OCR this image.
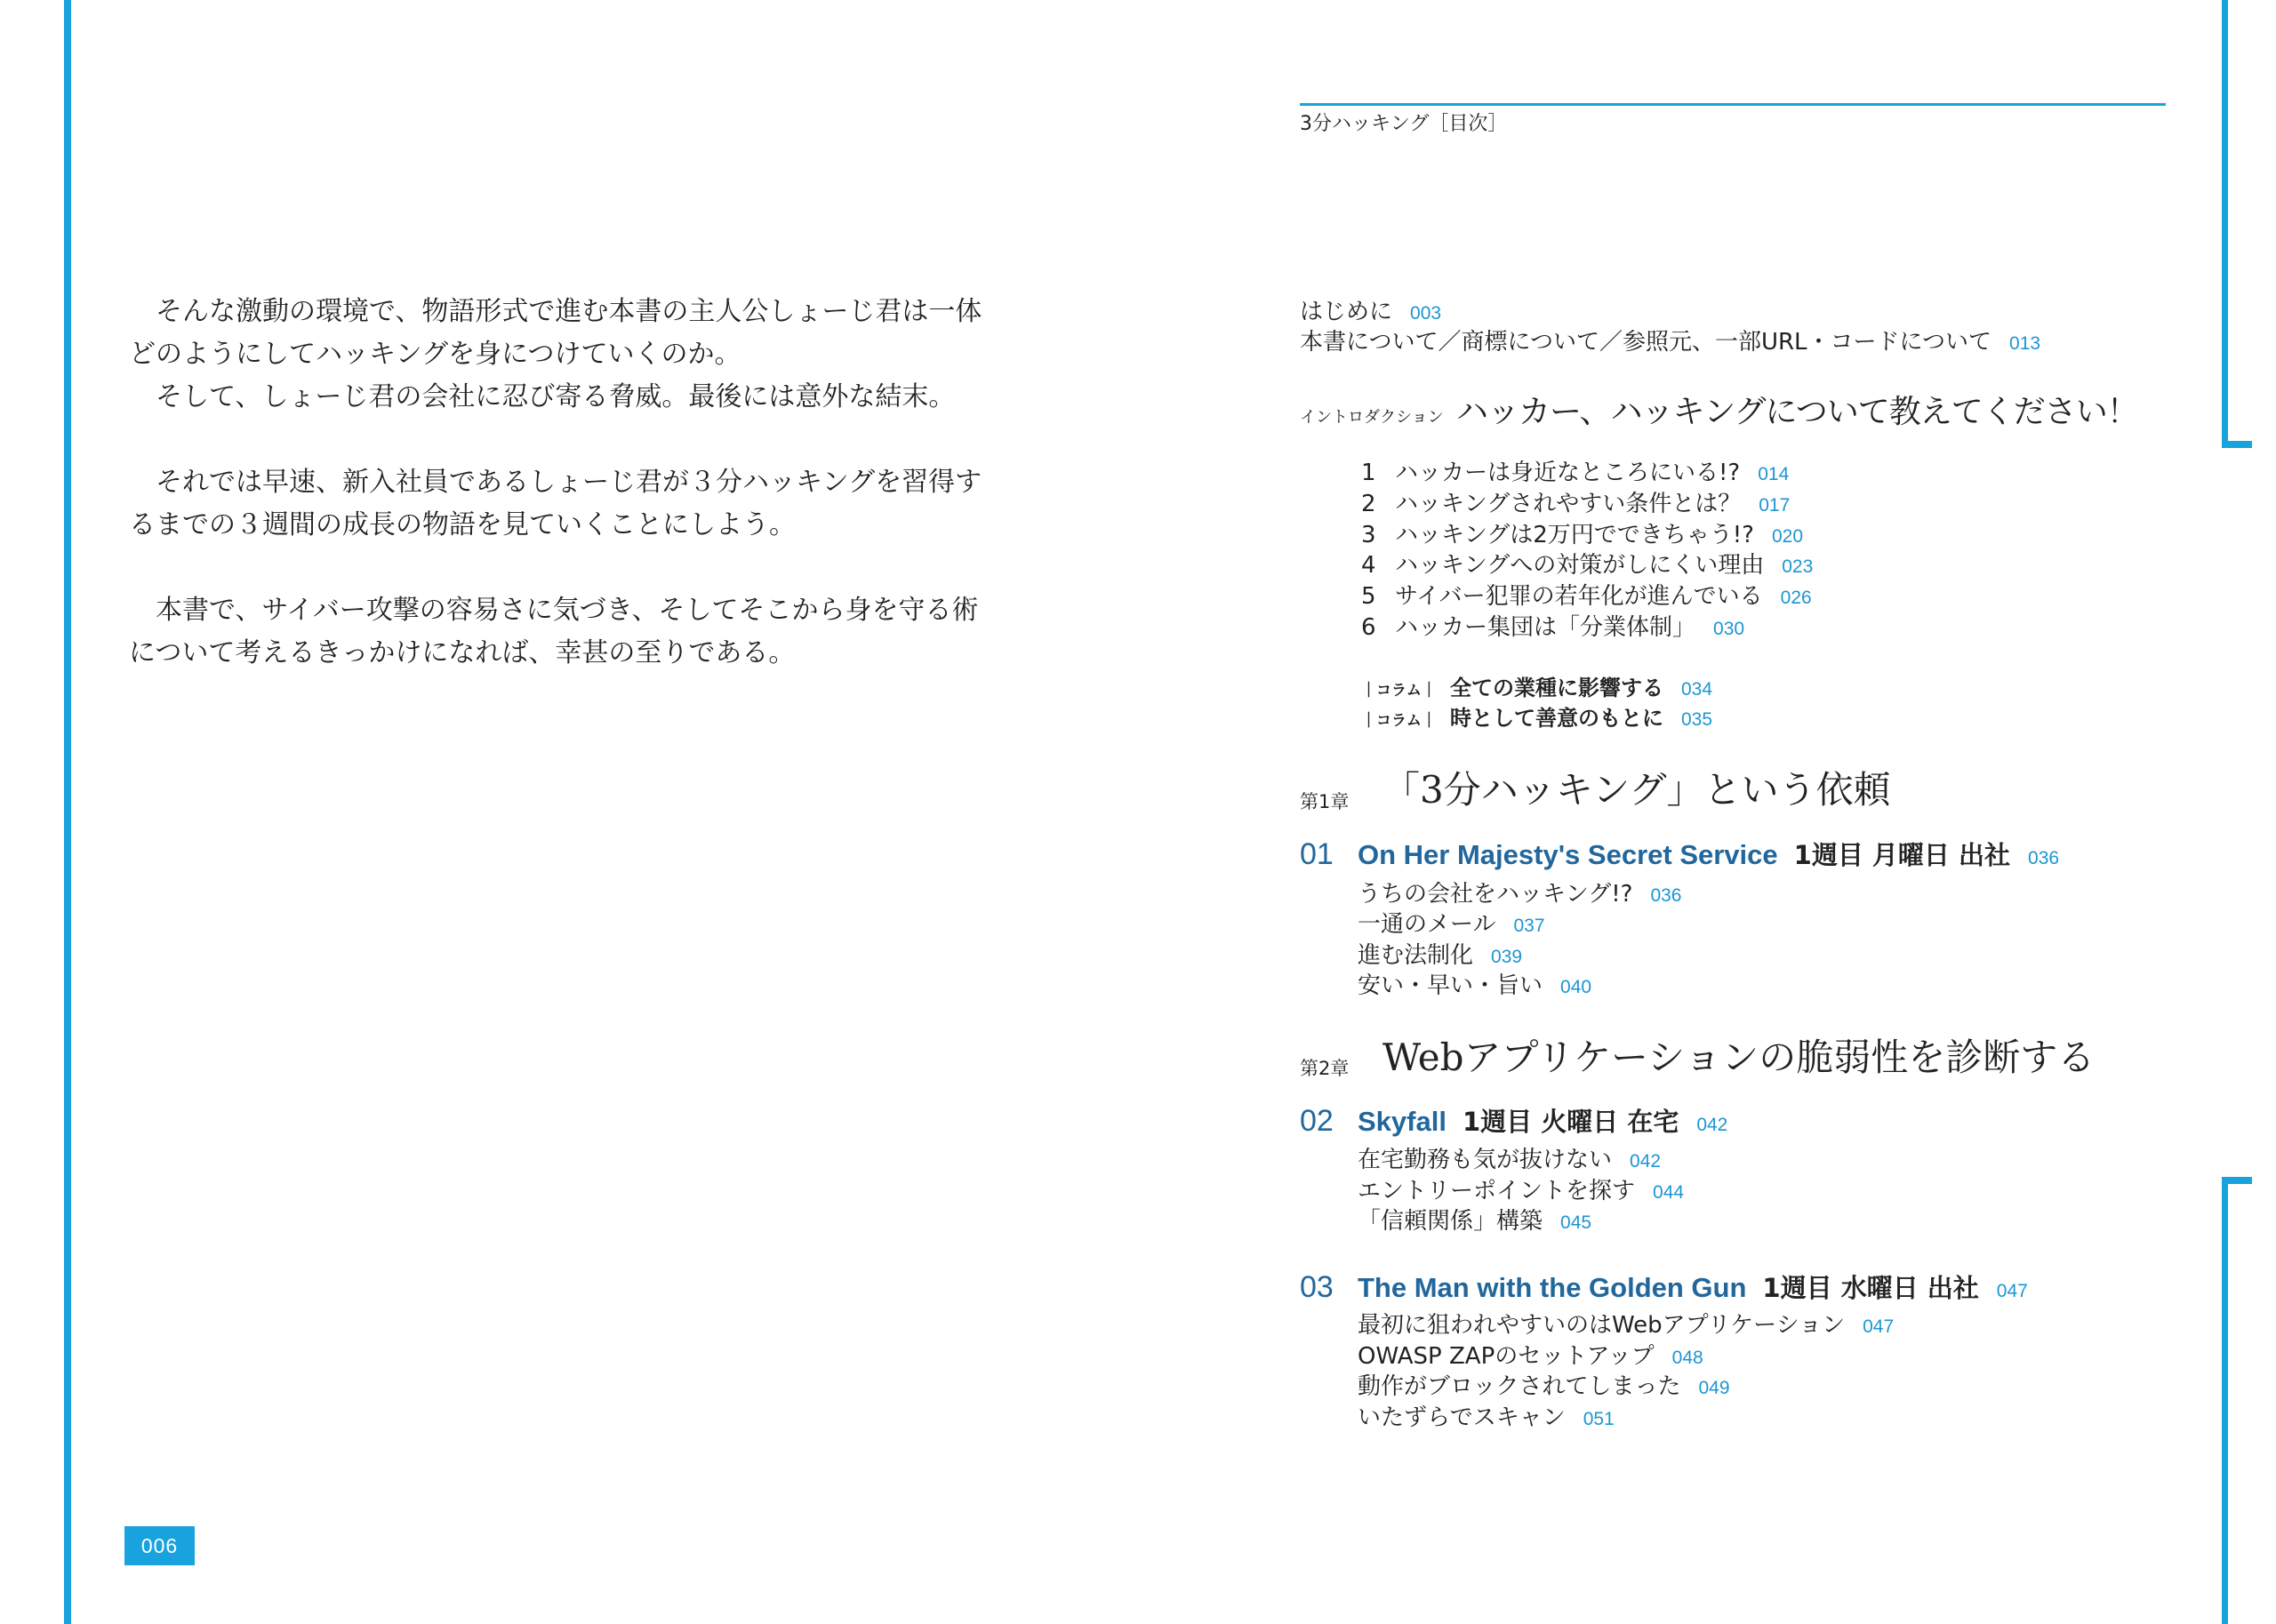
そんな激動の環境で、物語形式で進む本書の主人公しょーじ君は一体
どのようにしてハッキングを身につけていくのか。
そして、しょーじ君の会社に忍び寄る脅威。最後には意外な結末。
それでは早速、新入社員であるしょーじ君が３分ハッキングを習得す
るまでの３週間の成長の物語を見ていくことにしよう。
本書で、サイバー攻撃の容易さに気づき、そしてそこから身を守る術
について考えるきっかけになれば、幸甚の至りである。
006
3分ハッキング［目次］
はじめに 003
本書について／商標について／参照元、一部URL・コードについて 013
イントロダクション ハッカー、ハッキングについて教えてください！
1 ハッカーは身近なところにいる!? 014
2 ハッキングされやすい条件とは？ 017
3 ハッキングは2万円でできちゃう!? 020
4 ハッキングへの対策がしにくい理由 023
5 サイバー犯罪の若年化が進んでいる 026
6 ハッカー集団は「分業体制」 030
｜コラム｜ 全ての業種に影響する 034
｜コラム｜ 時として善意のもとに 035
第1章 「3分ハッキング」という依頼
01 On Her Majesty's Secret Service 1週目 月曜日 出社 036
うちの会社をハッキング!? 036
一通のメール 037
進む法制化 039
安い・早い・旨い 040
第2章 Webアプリケーションの脆弱性を診断する
02 Skyfall 1週目 火曜日 在宅 042
在宅勤務も気が抜けない 042
エントリーポイントを探す 044
「信頼関係」構築 045
03 The Man with the Golden Gun 1週目 水曜日 出社 047
最初に狙われやすいのはWebアプリケーション 047
OWASP ZAPのセットアップ 048
動作がブロックされてしまった 049
いたずらでスキャン 051
